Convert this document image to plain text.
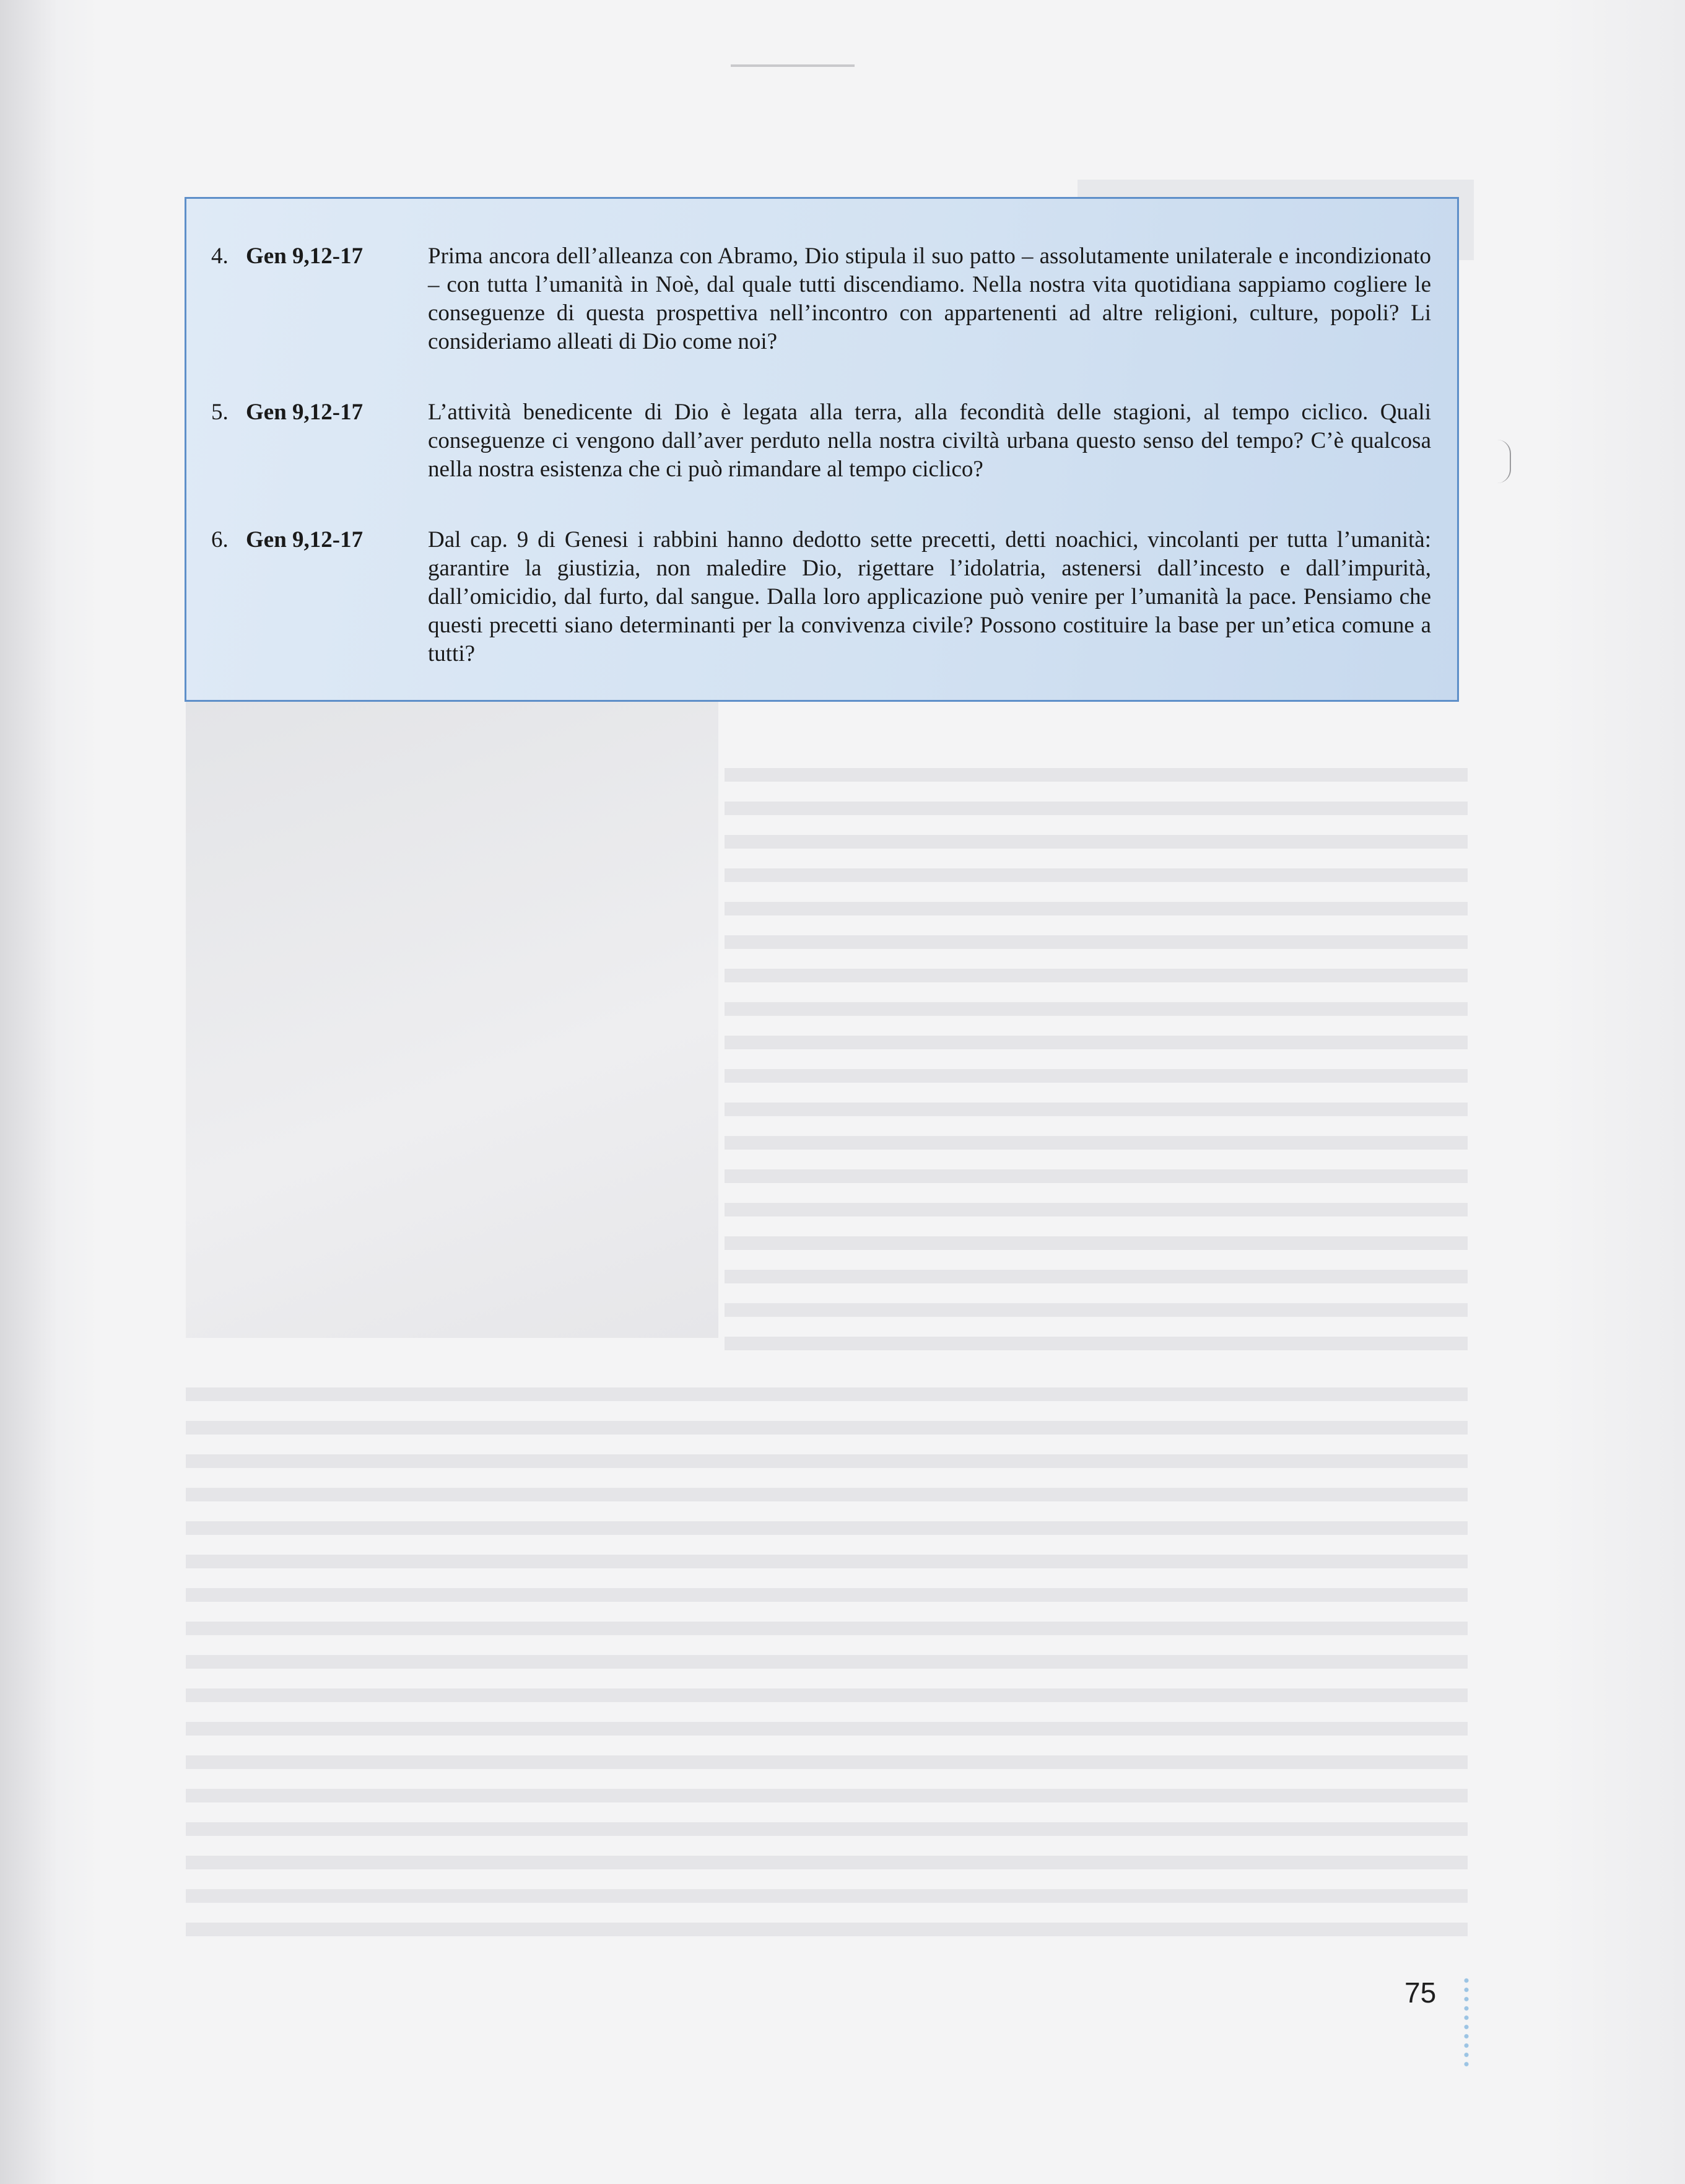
4. Gen 9,12-17	Prima ancora dell’alleanza con Abramo, Dio stipula il suo patto – assolutamente unilaterale e incondizionato – con tutta l’umanità in Noè, dal quale tutti discendiamo. Nella nostra vita quotidiana sappiamo cogliere le conseguenze di questa prospettiva nell’incontro con appartenenti ad altre religioni, culture, popoli? Li consideriamo alleati di Dio come noi?
5. Gen 9,12-17	L’attività benedicente di Dio è legata alla terra, alla fecondità delle stagioni, al tempo ciclico. Quali conseguenze ci vengono dall’aver perduto nella nostra civiltà urbana questo senso del tempo? C’è qualcosa nella nostra esistenza che ci può rimandare al tempo ciclico?
6. Gen 9,12-17	Dal cap. 9 di Genesi i rabbini hanno dedotto sette precetti, detti noachici, vincolanti per tutta l’umanità: garantire la giustizia, non maledire Dio, rigettare l’idolatria, astenersi dall’incesto e dall’impurità, dall’omicidio, dal furto, dal sangue. Dalla loro applicazione può venire per l’umanità la pace. Pensiamo che questi precetti siano determinanti per la convivenza civile? Possono costituire la base per un’etica comune a tutti?
75
